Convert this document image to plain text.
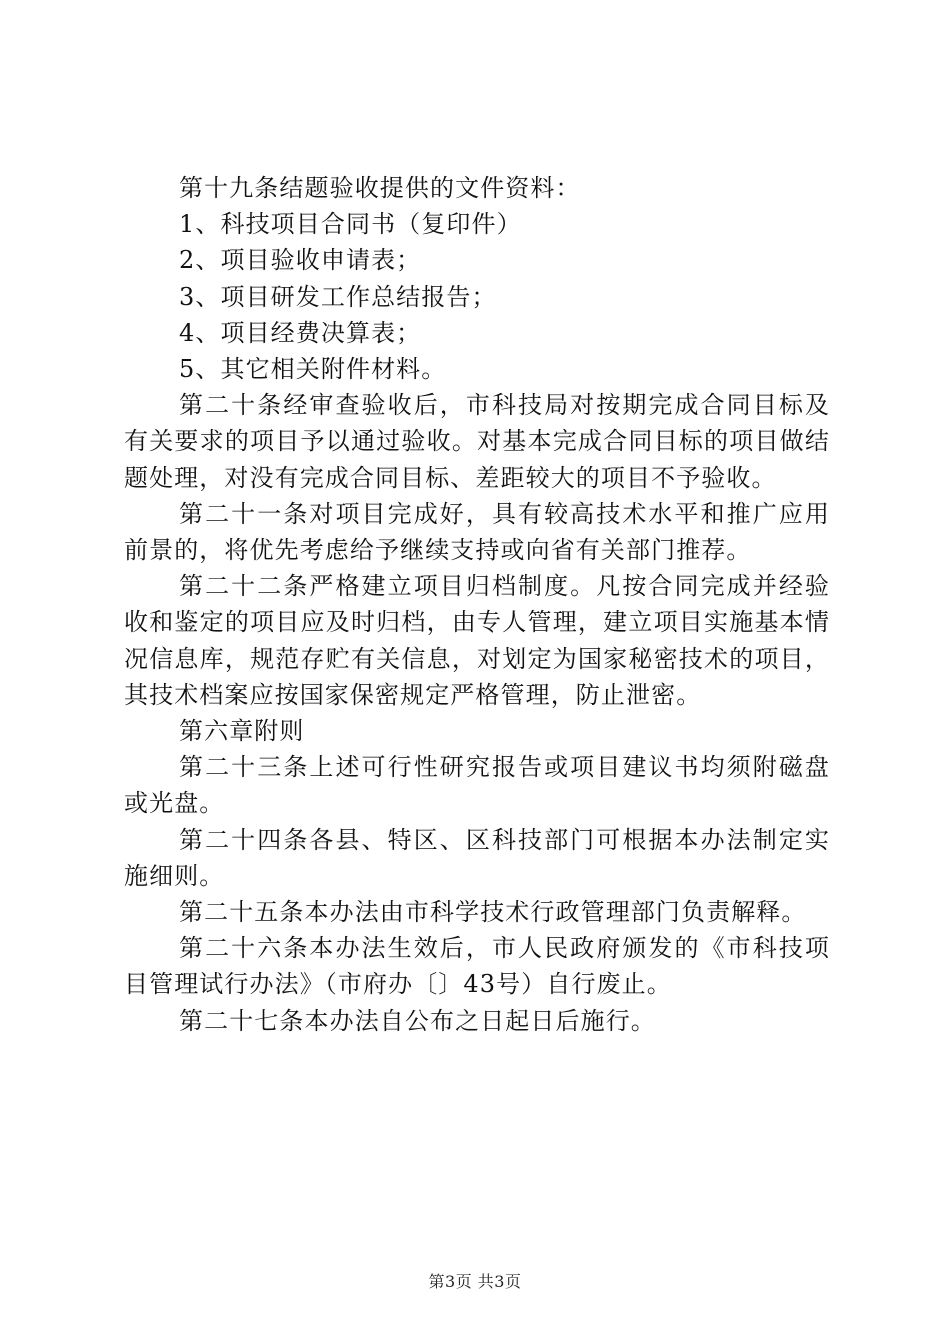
第十九条结题验收提供的文件资料：

1、科技项目合同书（复印件）

2、项目验收申请表；

3、项目研发工作总结报告；

4、项目经费决算表；

5、其它相关附件材料。

第二十条经审查验收后，市科技局对按期完成合同目标及有关要求的项目予以通过验收。对基本完成合同目标的项目做结题处理，对没有完成合同目标、差距较大的项目不予验收。

第二十一条对项目完成好，具有较高技术水平和推广应用前景的，将优先考虑给予继续支持或向省有关部门推荐。

第二十二条严格建立项目归档制度。凡按合同完成并经验收和鉴定的项目应及时归档，由专人管理，建立项目实施基本情况信息库，规范存贮有关信息，对划定为国家秘密技术的项目，其技术档案应按国家保密规定严格管理，防止泄密。

第六章附则

第二十三条上述可行性研究报告或项目建议书均须附磁盘或光盘。

第二十四条各县、特区、区科技部门可根据本办法制定实施细则。

第二十五条本办法由市科学技术行政管理部门负责解释。

第二十六条本办法生效后，市人民政府颁发的《市科技项目管理试行办法》（市府办〔〕43号）自行废止。

第二十七条本办法自公布之日起日后施行。

第3页 共3页
